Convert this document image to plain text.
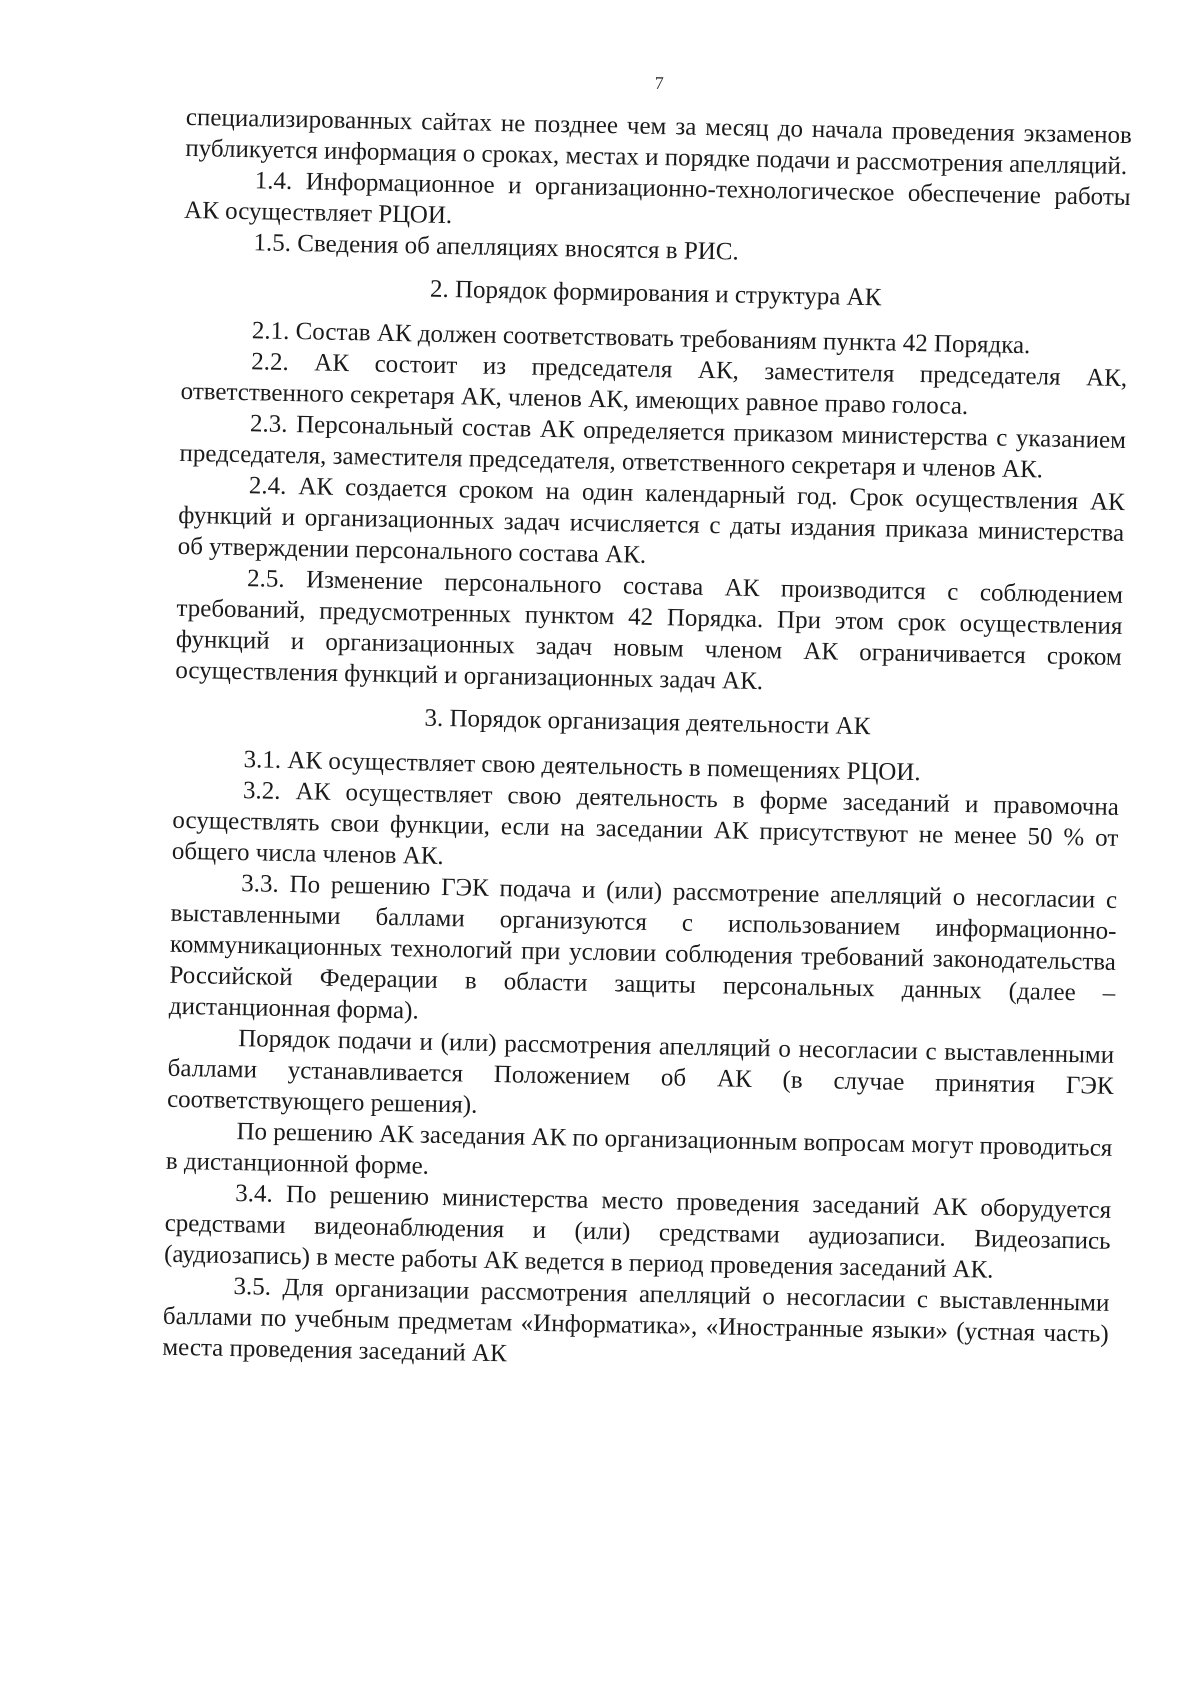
7

специализированных сайтах не позднее чем за месяц до начала проведения экзаменов публикуется информация о сроках, местах и порядке подачи и рассмотрения апелляций.

1.4. Информационное и организационно-технологическое обеспечение работы АК осуществляет РЦОИ.

1.5. Сведения об апелляциях вносятся в РИС.

2. Порядок формирования и структура АК

2.1. Состав АК должен соответствовать требованиям пункта 42 Порядка.

2.2. АК состоит из председателя АК, заместителя председателя АК, ответственного секретаря АК, членов АК, имеющих равное право голоса.

2.3. Персональный состав АК определяется приказом министерства с указанием председателя, заместителя председателя, ответственного секретаря и членов АК.

2.4. АК создается сроком на один календарный год. Срок осуществления АК функций и организационных задач исчисляется с даты издания приказа министерства об утверждении персонального состава АК.

2.5. Изменение персонального состава АК производится с соблюдением требований, предусмотренных пунктом 42 Порядка. При этом срок осуществления функций и организационных задач новым членом АК ограничивается сроком осуществления функций и организационных задач АК.

3. Порядок организация деятельности АК

3.1. АК осуществляет свою деятельность в помещениях РЦОИ.

3.2. АК осуществляет свою деятельность в форме заседаний и правомочна осуществлять свои функции, если на заседании АК присутствуют не менее 50 % от общего числа членов АК.

3.3. По решению ГЭК подача и (или) рассмотрение апелляций о несогласии с выставленными баллами организуются с использованием информационно-коммуникационных технологий при условии соблюдения требований законодательства Российской Федерации в области защиты персональных данных (далее – дистанционная форма).

Порядок подачи и (или) рассмотрения апелляций о несогласии с выставленными баллами устанавливается Положением об АК (в случае принятия ГЭК соответствующего решения).

По решению АК заседания АК по организационным вопросам могут проводиться в дистанционной форме.

3.4. По решению министерства место проведения заседаний АК оборудуется средствами видеонаблюдения и (или) средствами аудиозаписи. Видеозапись (аудиозапись) в месте работы АК ведется в период проведения заседаний АК.

3.5. Для организации рассмотрения апелляций о несогласии с выставленными баллами по учебным предметам «Информатика», «Иностранные языки» (устная часть) места проведения заседаний АК
